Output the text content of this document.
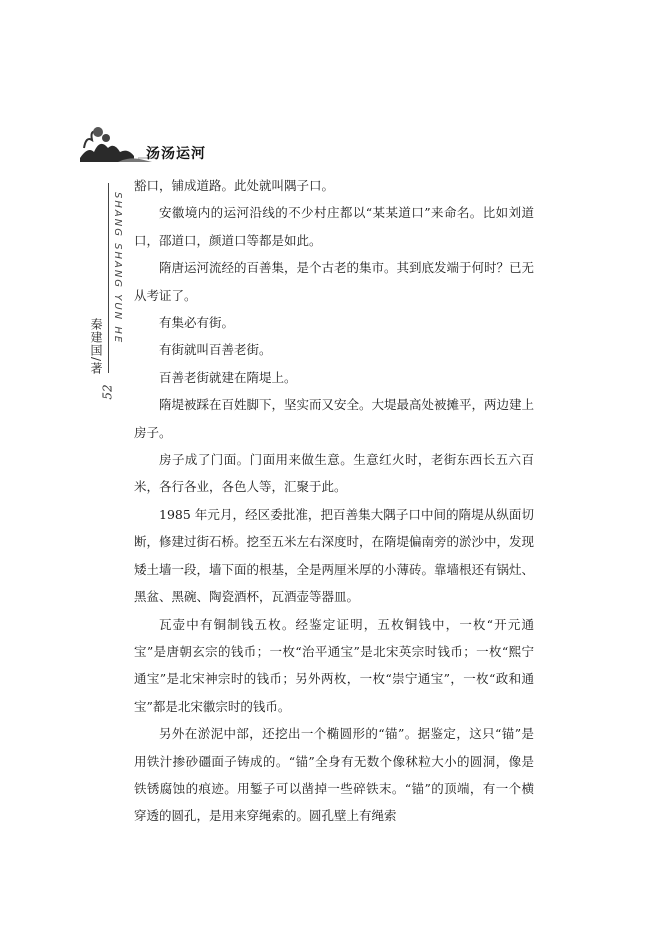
汤汤运河
SHANG SHANG YUN HE
秦建国/著
52

豁口，铺成道路。此处就叫隅子口。

安徽境内的运河沿线的不少村庄都以“某某道口”来命名。比如刘道口，邵道口，颜道口等都是如此。

隋唐运河流经的百善集，是个古老的集市。其到底发端于何时？已无从考证了。

有集必有街。

有街就叫百善老街。

百善老街就建在隋堤上。

隋堤被踩在百姓脚下，坚实而又安全。大堤最高处被摊平，两边建上房子。

房子成了门面。门面用来做生意。生意红火时，老街东西长五六百米，各行各业，各色人等，汇聚于此。

1985 年元月，经区委批准，把百善集大隅子口中间的隋堤从纵面切断，修建过街石桥。挖至五米左右深度时，在隋堤偏南旁的淤沙中，发现矮土墙一段，墙下面的根基，全是两厘米厚的小薄砖。靠墙根还有锅灶、黑盆、黑碗、陶瓷酒杯，瓦酒壶等器皿。

瓦壶中有铜制钱五枚。经鉴定证明，五枚铜钱中，一枚“开元通宝”是唐朝玄宗的钱币；一枚“治平通宝”是北宋英宗时钱币；一枚“熙宁通宝”是北宋神宗时的钱币；另外两枚，一枚“崇宁通宝”，一枚“政和通宝”都是北宋徽宗时的钱币。

另外在淤泥中部，还挖出一个椭圆形的“锚”。据鉴定，这只“锚”是用铁汁掺砂礓面子铸成的。“锚”全身有无数个像秫粒大小的圆洞，像是铁锈腐蚀的痕迹。用錾子可以凿掉一些碎铁末。“锚”的顶端，有一个横穿透的圆孔，是用来穿绳索的。圆孔壁上有绳索
